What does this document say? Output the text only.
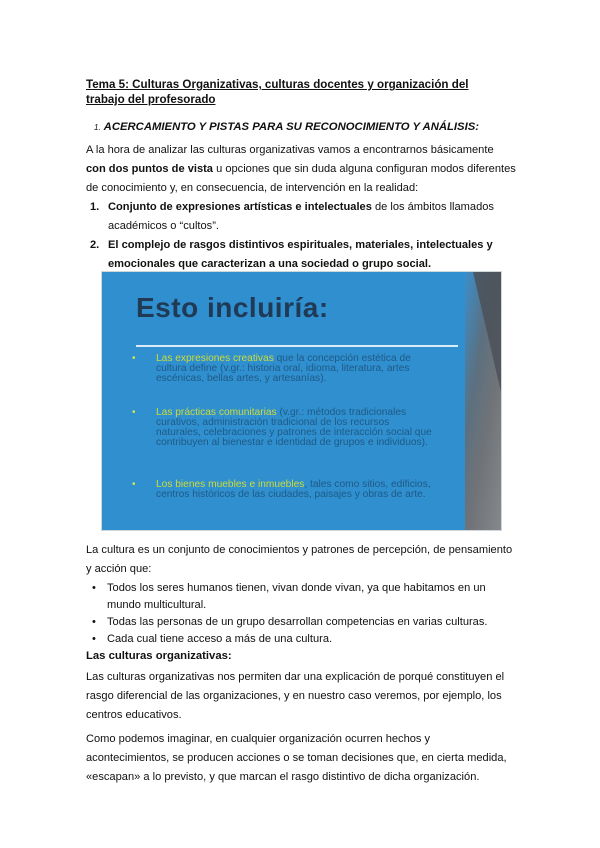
Tema 5: Culturas Organizativas, culturas docentes y organización del trabajo del profesorado
1. ACERCAMIENTO Y PISTAS PARA SU RECONOCIMIENTO Y ANÁLISIS:
A la hora de analizar las culturas organizativas vamos a encontrarnos básicamente con dos puntos de vista u opciones que sin duda alguna configuran modos diferentes de conocimiento y, en consecuencia, de intervención en la realidad:
1. Conjunto de expresiones artísticas e intelectuales de los ámbitos llamados académicos o “cultos”.
2. El complejo de rasgos distintivos espirituales, materiales, intelectuales y emocionales que caracterizan a una sociedad o grupo social.
Esto incluiría:
•	Las expresiones creativas que la concepción estética de cultura define (v.gr.: historia oral, idioma, literatura, artes escénicas, bellas artes, y artesanías).
•	Las prácticas comunitarias (v.gr.: métodos tradicionales curativos, administración tradicional de los recursos naturales, celebraciones y patrones de interacción social que contribuyen al bienestar e identidad de grupos e individuos).
•	Los bienes muebles e inmuebles, tales como sitios, edificios, centros históricos de las ciudades, paisajes y obras de arte.
La cultura es un conjunto de conocimientos y patrones de percepción, de pensamiento y acción que:
• Todos los seres humanos tienen, vivan donde vivan, ya que habitamos en un mundo multicultural.
• Todas las personas de un grupo desarrollan competencias en varias culturas.
• Cada cual tiene acceso a más de una cultura.
Las culturas organizativas:
Las culturas organizativas nos permiten dar una explicación de porqué constituyen el rasgo diferencial de las organizaciones, y en nuestro caso veremos, por ejemplo, los centros educativos.
Como podemos imaginar, en cualquier organización ocurren hechos y acontecimientos, se producen acciones o se toman decisiones que, en cierta medida, «escapan» a lo previsto, y que marcan el rasgo distintivo de dicha organización.
